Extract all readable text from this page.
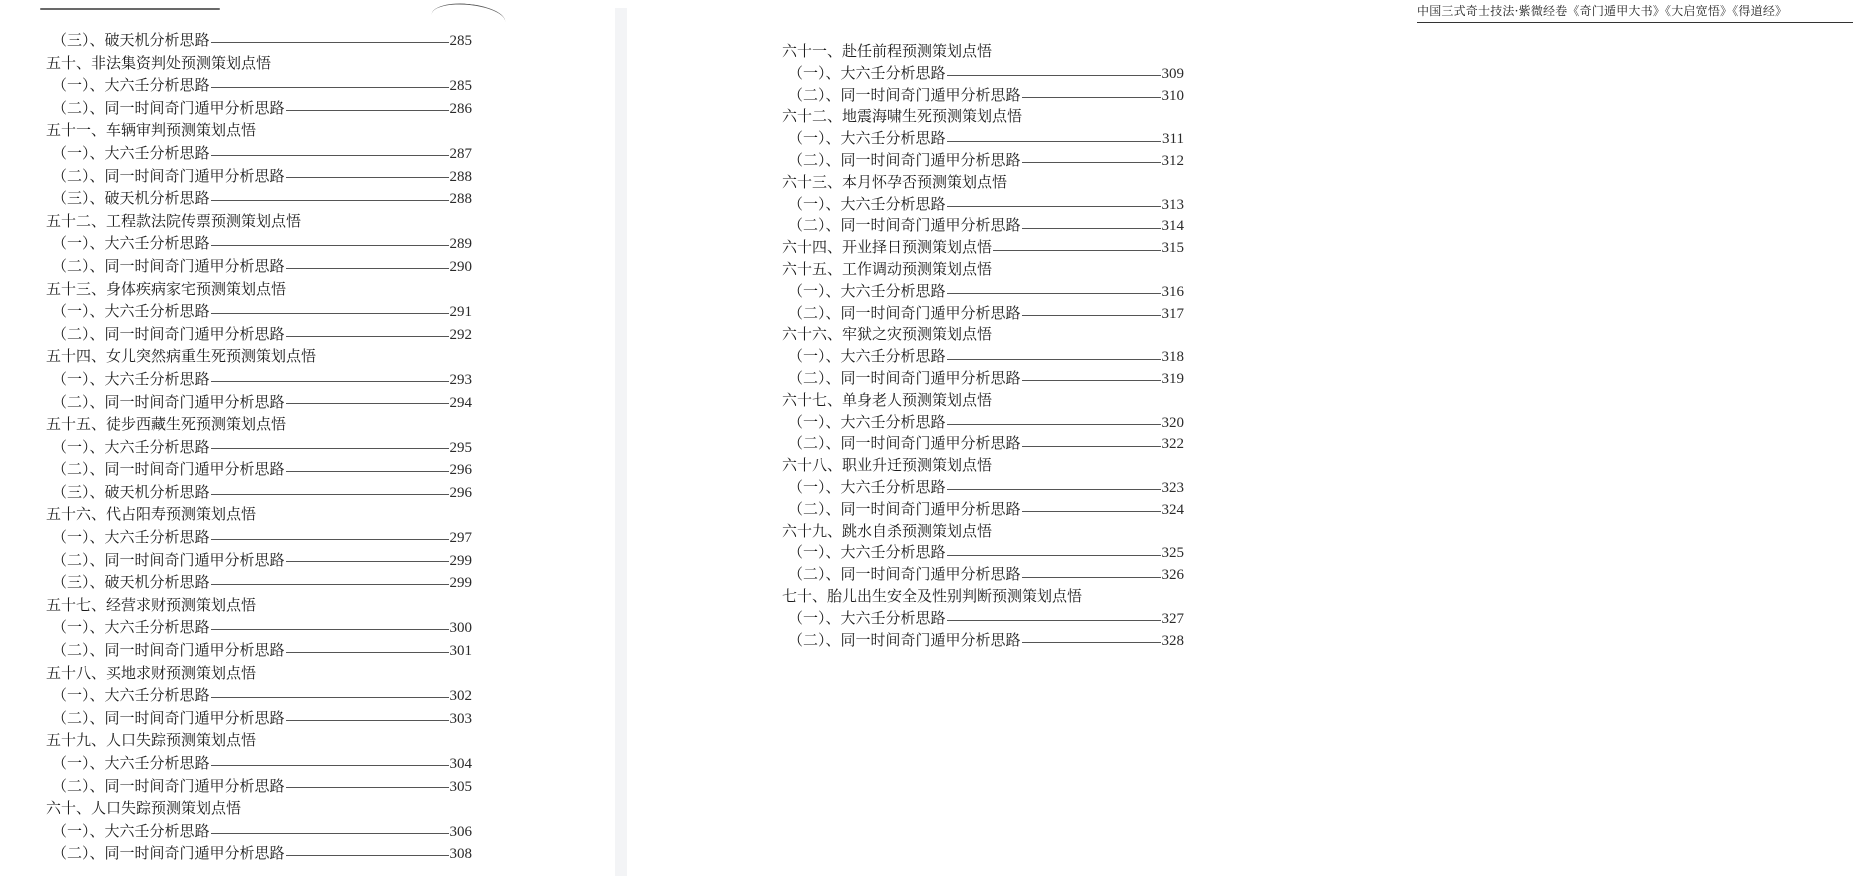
（三）、破天机分析思路	285
五十、非法集资判处预测策划点悟
（一）、大六壬分析思路	285
（二）、同一时间奇门遁甲分析思路	286
五十一、车辆审判预测策划点悟
（一）、大六壬分析思路	287
（二）、同一时间奇门遁甲分析思路	288
（三）、破天机分析思路	288
五十二、工程款法院传票预测策划点悟
（一）、大六壬分析思路	289
（二）、同一时间奇门遁甲分析思路	290
五十三、身体疾病家宅预测策划点悟
（一）、大六壬分析思路	291
（二）、同一时间奇门遁甲分析思路	292
五十四、女儿突然病重生死预测策划点悟
（一）、大六壬分析思路	293
（二）、同一时间奇门遁甲分析思路	294
五十五、徒步西藏生死预测策划点悟
（一）、大六壬分析思路	295
（二）、同一时间奇门遁甲分析思路	296
（三）、破天机分析思路	296
五十六、代占阳寿预测策划点悟
（一）、大六壬分析思路	297
（二）、同一时间奇门遁甲分析思路	299
（三）、破天机分析思路	299
五十七、经营求财预测策划点悟
（一）、大六壬分析思路	300
（二）、同一时间奇门遁甲分析思路	301
五十八、买地求财预测策划点悟
（一）、大六壬分析思路	302
（二）、同一时间奇门遁甲分析思路	303
五十九、人口失踪预测策划点悟
（一）、大六壬分析思路	304
（二）、同一时间奇门遁甲分析思路	305
六十、人口失踪预测策划点悟
（一）、大六壬分析思路	306
（二）、同一时间奇门遁甲分析思路	308
中国三式奇士技法·紫微经卷《奇门遁甲大书》《大启宽悟》《得道经》
六十一、赴任前程预测策划点悟
（一）、大六壬分析思路	309
（二）、同一时间奇门遁甲分析思路	310
六十二、地震海啸生死预测策划点悟
（一）、大六壬分析思路	311
（二）、同一时间奇门遁甲分析思路	312
六十三、本月怀孕否预测策划点悟
（一）、大六壬分析思路	313
（二）、同一时间奇门遁甲分析思路	314
六十四、开业择日预测策划点悟	315
六十五、工作调动预测策划点悟
（一）、大六壬分析思路	316
（二）、同一时间奇门遁甲分析思路	317
六十六、牢狱之灾预测策划点悟
（一）、大六壬分析思路	318
（二）、同一时间奇门遁甲分析思路	319
六十七、单身老人预测策划点悟
（一）、大六壬分析思路	320
（二）、同一时间奇门遁甲分析思路	322
六十八、职业升迁预测策划点悟
（一）、大六壬分析思路	323
（二）、同一时间奇门遁甲分析思路	324
六十九、跳水自杀预测策划点悟
（一）、大六壬分析思路	325
（二）、同一时间奇门遁甲分析思路	326
七十、胎儿出生安全及性别判断预测策划点悟
（一）、大六壬分析思路	327
（二）、同一时间奇门遁甲分析思路	328
